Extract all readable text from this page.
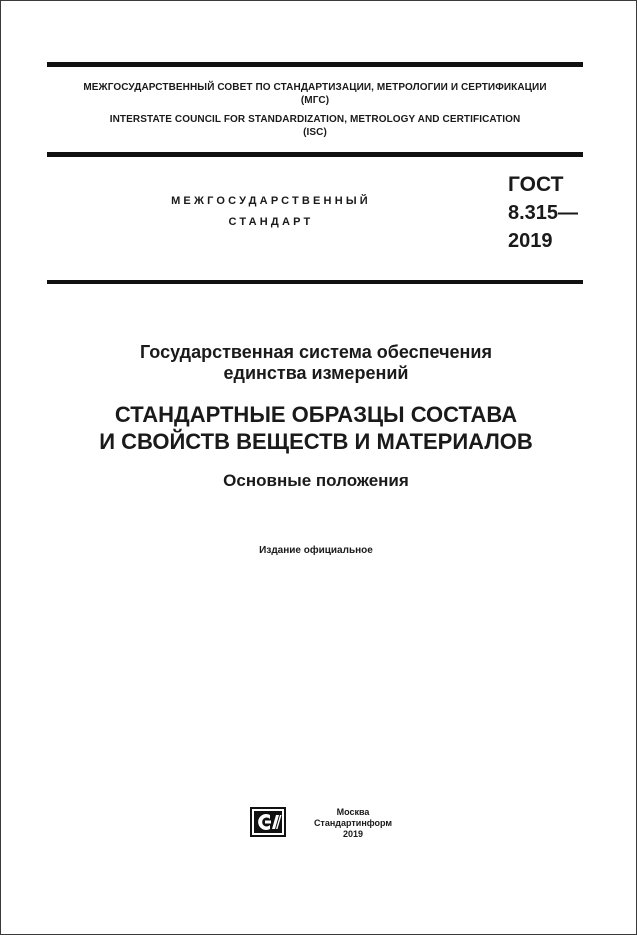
МЕЖГОСУДАРСТВЕННЫЙ СОВЕТ ПО СТАНДАРТИЗАЦИИ, МЕТРОЛОГИИ И СЕРТИФИКАЦИИ
(МГС)
INTERSTATE COUNCIL FOR STANDARDIZATION, METROLOGY AND CERTIFICATION
(ISC)
МЕЖГОСУДАРСТВЕННЫЙ
СТАНДАРТ
ГОСТ
8.315—
2019
Государственная система обеспечения
единства измерений
СТАНДАРТНЫЕ ОБРАЗЦЫ СОСТАВА
И СВОЙСТВ ВЕЩЕСТВ И МАТЕРИАЛОВ
Основные положения
Издание официальное
Москва
Стандартинформ
2019
